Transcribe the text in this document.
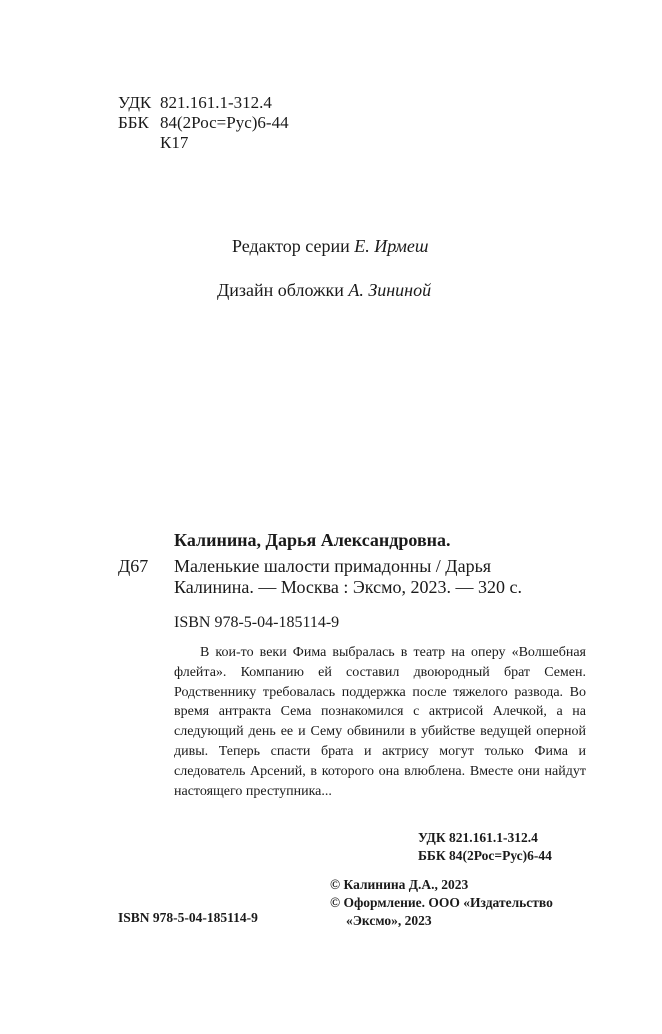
УДК 821.161.1-312.4
ББК 84(2Рос=Рус)6-44
К17
Редактор серии Е. Ирмеш
Дизайн обложки А. Зининой
Калинина, Дарья Александровна.
Д67 Маленькие шалости примадонны / Дарья
Калинина. — Москва : Эксмо, 2023. — 320 с.
ISBN 978-5-04-185114-9
В кои-то веки Фима выбралась в театр на оперу «Волшебная флейта». Компанию ей составил двоюродный брат Семен. Родственнику требовалась поддержка после тяжелого развода. Во время антракта Сема познакомился с актрисой Алечкой, а на следующий день ее и Сему обвинили в убийстве ведущей оперной дивы. Теперь спасти брата и актрису могут только Фима и следователь Арсений, в которого она влюблена. Вместе они найдут настоящего преступника...
УДК 821.161.1-312.4
ББК 84(2Рос=Рус)6-44
© Калинина Д.А., 2023
© Оформление. ООО «Издательство
«Эксмо», 2023
ISBN 978-5-04-185114-9
